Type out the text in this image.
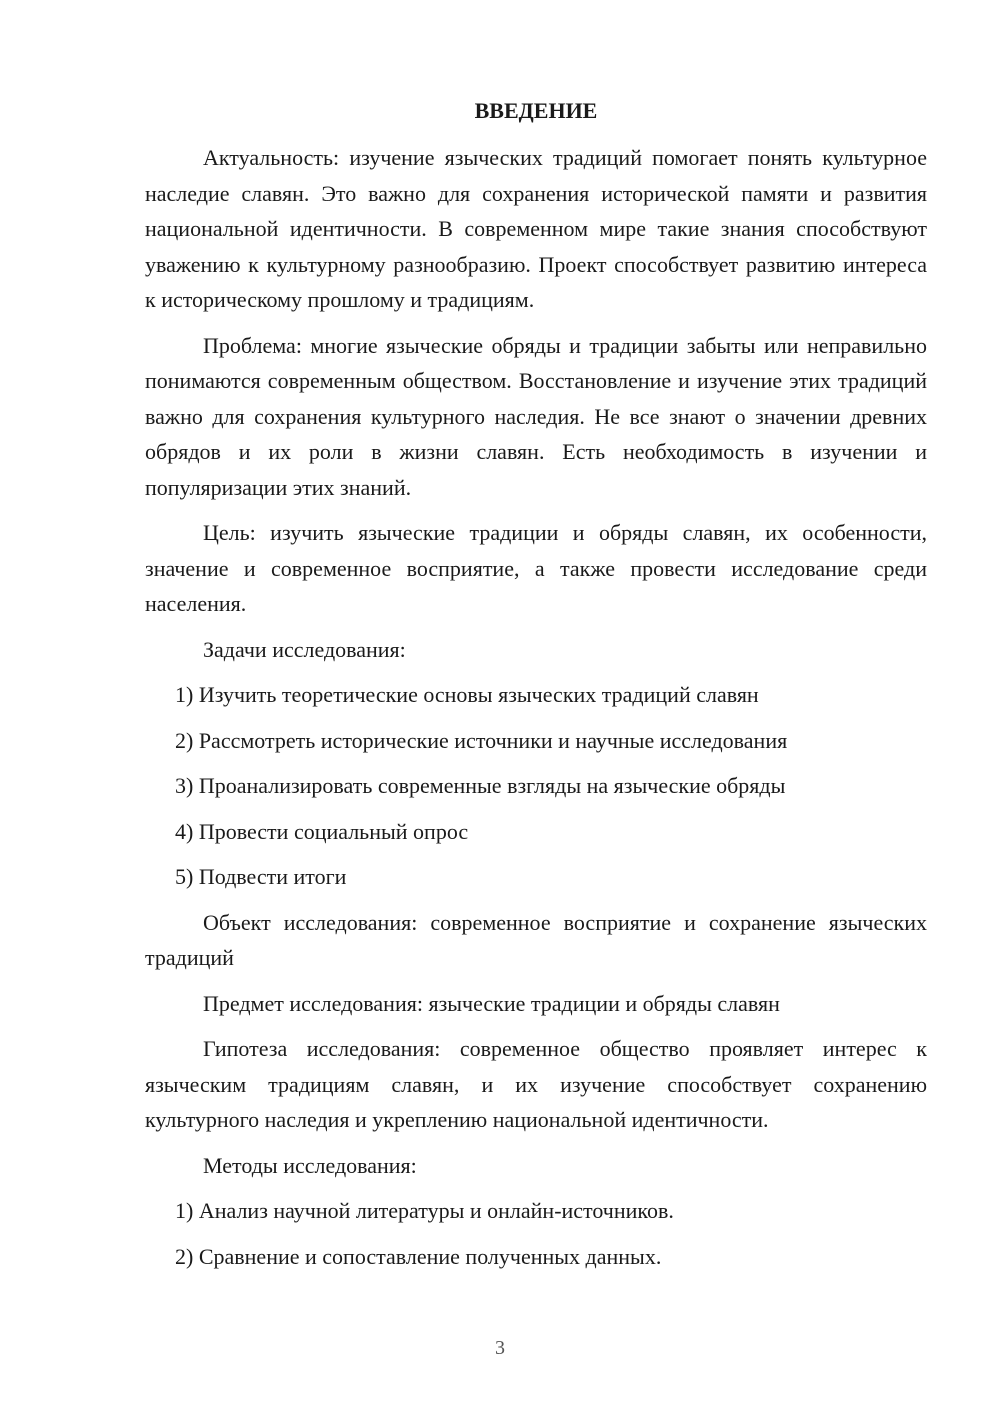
ВВЕДЕНИЕ

Актуальность: изучение языческих традиций помогает понять культурное наследие славян. Это важно для сохранения исторической памяти и развития национальной идентичности. В современном мире такие знания способствуют уважению к культурному разнообразию. Проект способствует развитию интереса к историческому прошлому и традициям.

Проблема: многие языческие обряды и традиции забыты или неправильно понимаются современным обществом. Восстановление и изучение этих традиций важно для сохранения культурного наследия. Не все знают о значении древних обрядов и их роли в жизни славян. Есть необходимость в изучении и популяризации этих знаний.

Цель: изучить языческие традиции и обряды славян, их особенности, значение и современное восприятие, а также провести исследование среди населения.

Задачи исследования:

1) Изучить теоретические основы языческих традиций славян

2) Рассмотреть исторические источники и научные исследования

3) Проанализировать современные взгляды на языческие обряды

4) Провести социальный опрос

5) Подвести итоги

Объект исследования: современное восприятие и сохранение языческих традиций

Предмет исследования: языческие традиции и обряды славян

Гипотеза исследования: современное общество проявляет интерес к языческим традициям славян, и их изучение способствует сохранению культурного наследия и укреплению национальной идентичности.

Методы исследования:

1) Анализ научной литературы и онлайн-источников.

2) Сравнение и сопоставление полученных данных.

3
